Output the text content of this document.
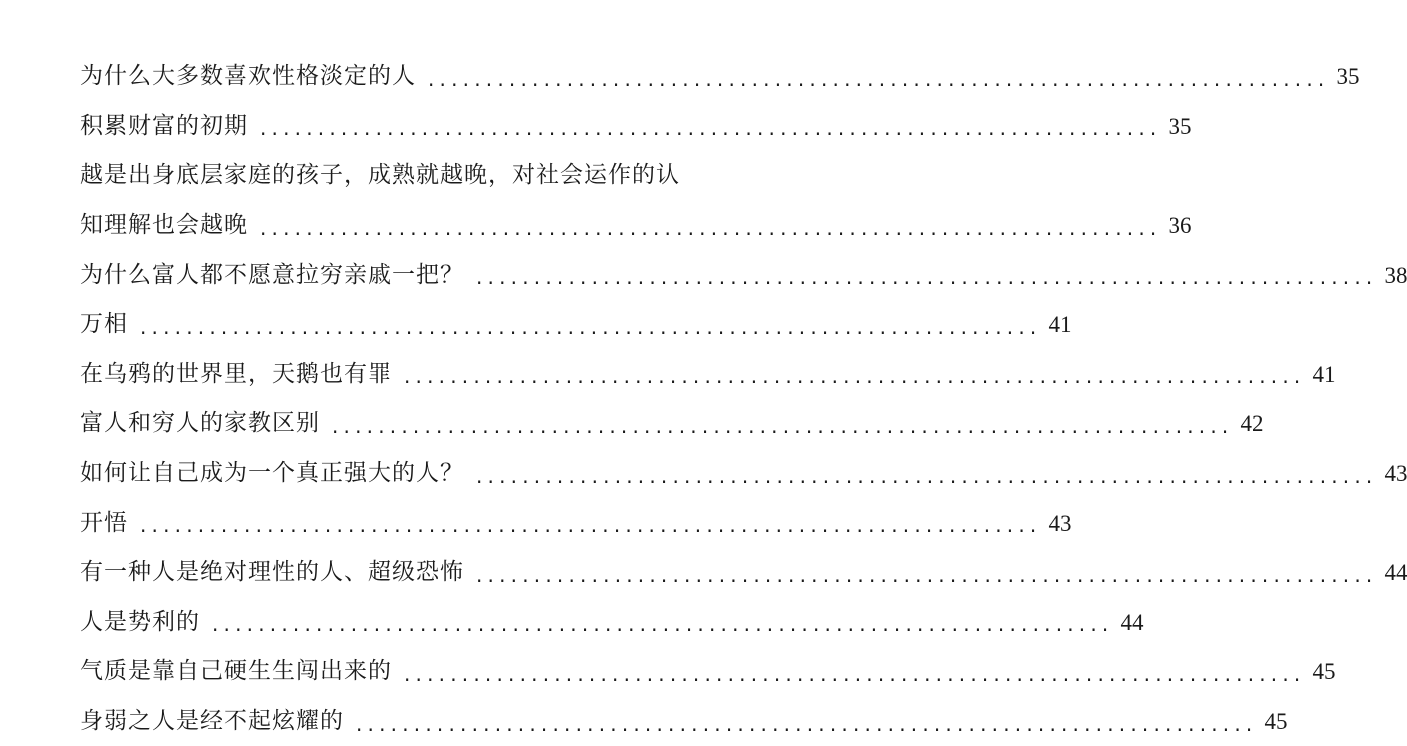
为什么大多数喜欢性格淡定的人 .............................................................................. 35
积累财富的初期 .............................................................................. 35
越是出身底层家庭的孩子，成熟就越晚，对社会运作的认
知理解也会越晚 .............................................................................. 36
为什么富人都不愿意拉穷亲戚一把？ .............................................................................. 38
万相 .............................................................................. 41
在乌鸦的世界里，天鹅也有罪 .............................................................................. 41
富人和穷人的家教区别 .............................................................................. 42
如何让自己成为一个真正强大的人？ .............................................................................. 43
开悟 .............................................................................. 43
有一种人是绝对理性的人、超级恐怖 .............................................................................. 44
人是势利的 .............................................................................. 44
气质是靠自己硬生生闯出来的 .............................................................................. 45
身弱之人是经不起炫耀的 .............................................................................. 45
